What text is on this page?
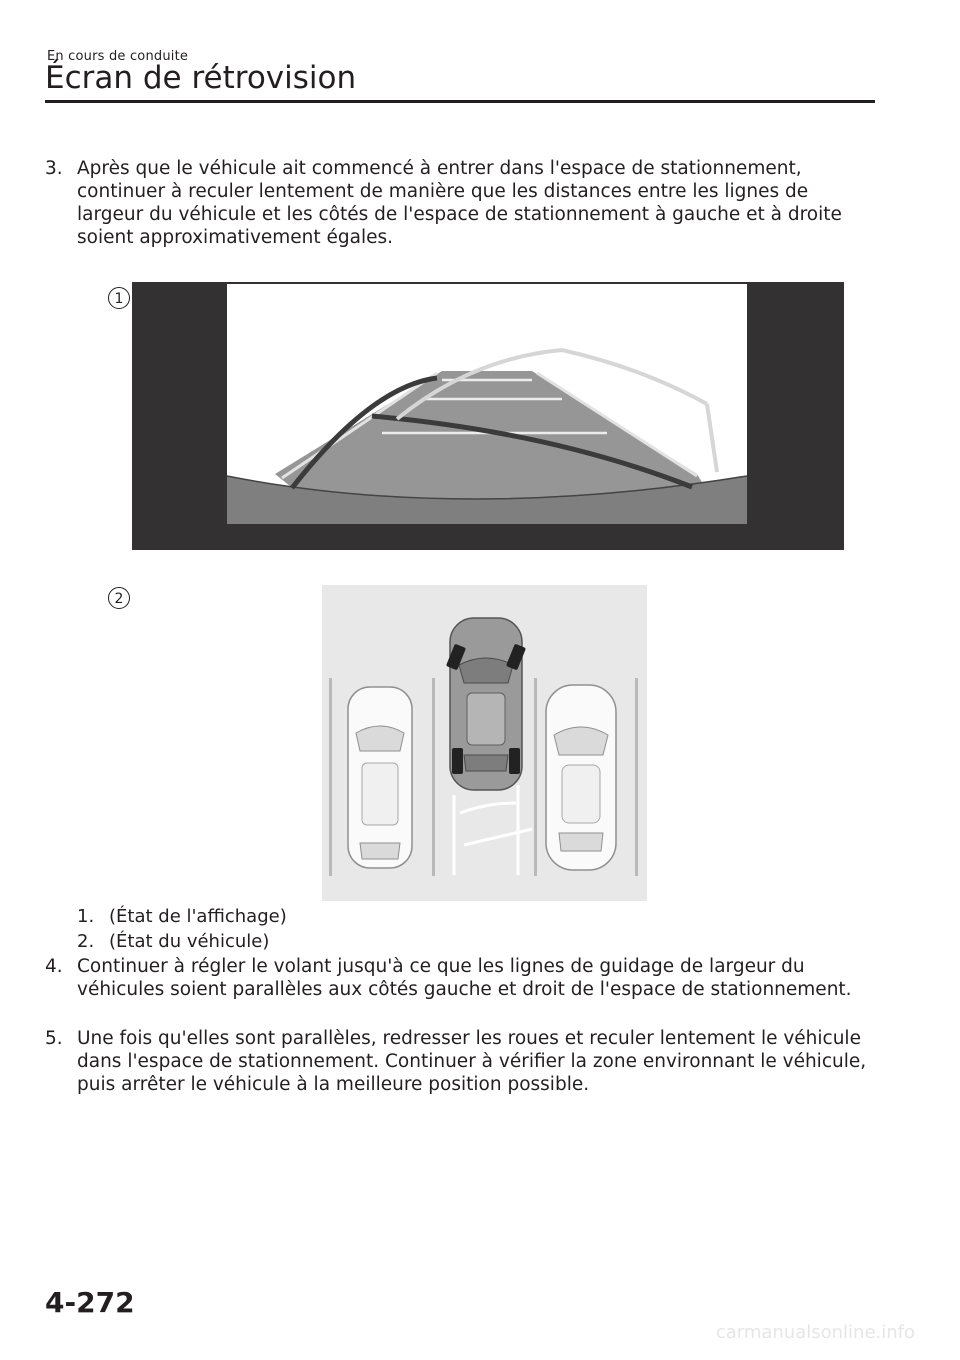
En cours de conduite
Écran de rétrovision
3. Après que le véhicule ait commencé à entrer dans l'espace de stationnement, continuer à reculer lentement de manière que les distances entre les lignes de largeur du véhicule et les côtés de l'espace de stationnement à gauche et à droite soient approximativement égales.
1
2
1. (État de l'affichage)
2. (État du véhicule)
4. Continuer à régler le volant jusqu'à ce que les lignes de guidage de largeur du véhicules soient parallèles aux côtés gauche et droit de l'espace de stationnement.
5. Une fois qu'elles sont parallèles, redresser les roues et reculer lentement le véhicule dans l'espace de stationnement. Continuer à vérifier la zone environnant le véhicule, puis arrêter le véhicule à la meilleure position possible.
4-272
carmanualsonline.info
